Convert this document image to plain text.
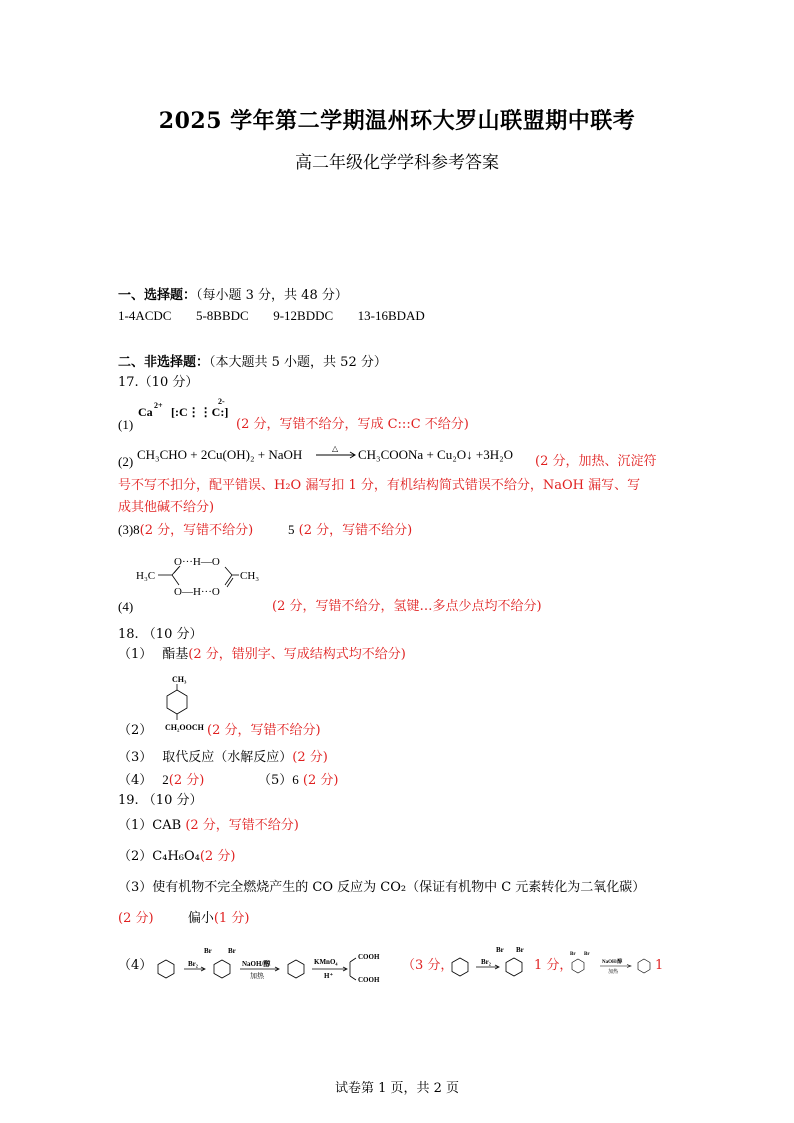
2025 学年第二学期温州环大罗山联盟期中联考
高二年级化学学科参考答案
一、选择题：（每小题 3 分，共 48 分）
1-4ACDC 5-8BBDC 9-12BDDC 13-16BDAD
二、非选择题：（本大题共 5 小题，共 52 分）
17.（10 分）
(1)
Ca 2+ [:C⋮⋮C:]
2-
(2 分，写错不给分，写成 C:::C 不给分)
(2) CH₃CHO + 2Cu(OH)₂ + NaOH	△ CH₃COONa + Cu₂O↓ +3H₂O (2 分，加热、沉淀符
号不写不扣分，配平错误、H₂O 漏写扣 1 分，有机结构简式错误不给分，NaOH 漏写、写
成其他碱不给分)
(3)8(2 分，写错不给分)	5 (2 分，写错不给分)
H₃C
O···H—O
O—H···O
CH₃
(4)	(2 分，写错不给分，氢键…多点少点均不给分)
18. （10 分）
（1） 酯基(2 分，错别字、写成结构式均不给分)
CH₃
CH₂OOCH
（2）	(2 分，写错不给分)
（3） 取代反应（水解反应）(2 分)
（4） 2(2 分)	（5）6 (2 分)
19. （10 分）
（1）CAB (2 分，写错不给分)
（2）C₄H₆O₄(2 分)
（3）使有机物不完全燃烧产生的 CO 反应为 CO₂（保证有机物中 C 元素转化为二氧化碳）
(2 分)	偏小(1 分)
（4）	Br₂
Br Br
NaOH/醇
加热
KMnO₄
H⁺
COOH
COOH
（3 分，	Br₂
Br Br
1 分，
Br Br
NaOH/醇
加热	1
试卷第 1 页，共 2 页
